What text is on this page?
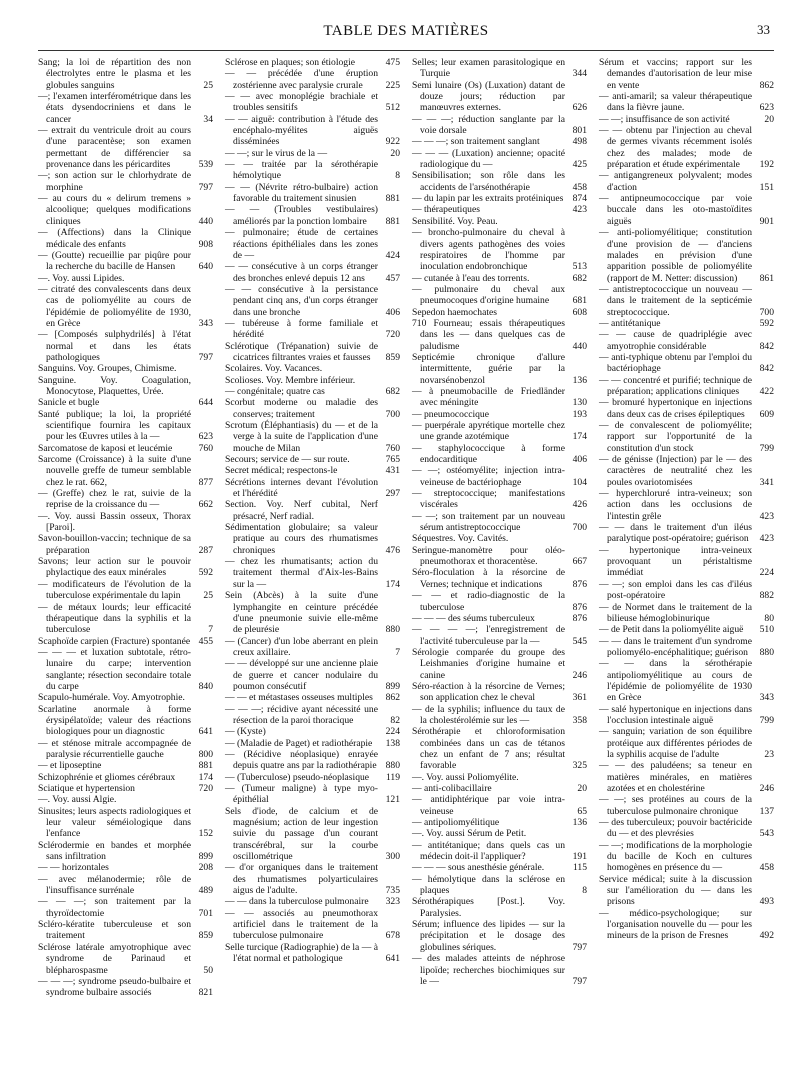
TABLE DES MATIÈRES	33
Sang; la loi de répartition des non électrolytes entre le plasma et les globules sanguins	25
—; l'examen interférométrique dans les états dysendocriniens et dans le cancer	34
— extrait du ventricule droit au cours d'une paracentèse; son examen permettant de différencier sa provenance dans les péricardites	539
—; son action sur le chlorhydrate de morphine	797
— au cours du « delirum tremens » alcoolique; quelques modifications cliniques	440
— (Affections) dans la Clinique médicale des enfants	908
— (Goutte) recueillie par piqûre pour la recherche du bacille de Hansen	640
—. Voy. aussi Lipides.
— citraté des convalescents dans deux cas de poliomyélite au cours de l'épidémie de poliomyélite de 1930, en Grèce	343
— [Composés sulphydrilés] à l'état normal et dans les états pathologiques	797
Sanguins. Voy. Groupes, Chimisme.
Sanguine. Voy. Coagulation, Monocytose, Plaquettes, Urée.
Sanicle et bugle	644
Santé publique; la loi, la propriété scientifique fournira les capitaux pour les Œuvres utiles à la —	623
Sarcomatose de kaposi et leucémie	760
Sarcome (Croissance) à la suite d'une nouvelle greffe de tumeur semblable chez le rat. 662,	877
— (Greffe) chez le rat, suivie de la reprise de la croissance du —	662
—. Voy. aussi Bassin osseux, Thorax [Paroi].
Savon-bouillon-vaccin; technique de sa préparation	287
Savons; leur action sur le pouvoir phylactique des eaux minérales	592
— modificateurs de l'évolution de la tuberculose expérimentale du lapin	25
— de métaux lourds; leur efficacité thérapeutique dans la syphilis et la tuberculose	7
Scaphoïde carpien (Fracture) spontanée 455
— — — et luxation subtotale, rétro-lunaire du carpe; intervention sanglante; résection secondaire totale du carpe	840
Scapulo-humérale. Voy. Amyotrophie.
Scarlatine anormale à forme érysipélatoïde; valeur des réactions biologiques pour un diagnostic	641
— et sténose mitrale accompagnée de paralysie récurrentielle gauche	800
— et liposeptine	881
Schizophrénie et gliomes cérébraux	174
Sciatique et hypertension	720
—. Voy. aussi Algie.
Sinusites; leurs aspects radiologiques et leur valeur séméiologique dans l'enfance	152
Sclérodermie en bandes et morphée sans infiltration	899
— — horizontales	208
— avec mélanodermie; rôle de l'insuffisance surrénale	489
— — —; son traitement par la thyroïdectomie	701
Scléro-kératite tuberculeuse et son traitement	859
Sclérose latérale amyotrophique avec syndrome de Parinaud et blépharospasme	50
— — —; syndrome pseudo-bulbaire et syndrome bulbaire associés	821
Sclérose en plaques; son étiologie	475
— — précédée d'une éruption zostérienne avec paralysie crurale	225
— — avec monoplégie brachiale et troubles sensitifs	512
— — aiguë: contribution à l'étude des encéphalo-myélites aiguës disséminées	922
— —; sur le virus de la —	20
— — traitée par la sérothérapie hémolytique	8
— — (Névrite rétro-bulbaire) action favorable du traitement sinusien	881
— — (Troubles vestibulaires) améliorés par la ponction lombaire	881
— pulmonaire; étude de certaines réactions épithéliales dans les zones de —	424
— — consécutive à un corps étranger des bronches enlevé depuis 12 ans	457
— — consécutive à la persistance pendant cinq ans, d'un corps étranger dans une bronche	406
— tubéreuse à forme familiale et hérédité	720
Sclérotique (Trépanation) suivie de cicatrices filtrantes vraies et fausses	859
Scolaires. Voy. Vacances.
Scolioses. Voy. Membre inférieur.
— congénitale; quatre cas	682
Scorbut moderne ou maladie des conserves; traitement	700
Scrotum (Éléphantiasis) du — et de la verge à la suite de l'application d'une mouche de Milan	760
Secours; service de — sur route.	765
Secret médical; respectons-le	431
Sécrétions internes devant l'évolution et l'hérédité	297
Section. Voy. Nerf cubital, Nerf présacré, Nerf radial.
Sédimentation globulaire; sa valeur pratique au cours des rhumatismes chroniques	476
— chez les rhumatisants; action du traitement thermal d'Aix-les-Bains sur la —	174
Sein (Abcès) à la suite d'une lymphangite en ceinture précédée d'une pneumonie suivie elle-même de pleurésie	880
— (Cancer) d'un lobe aberrant en plein creux axillaire.	7
— — développé sur une ancienne plaie de guerre et cancer nodulaire du poumon consécutif	899
— — et métastases osseuses multiples	862
— — —; récidive ayant nécessité une résection de la paroi thoracique	82
— (Kyste)	224
— (Maladie de Paget) et radiothérapie	138
— (Récidive néoplasique) enrayée depuis quatre ans par la radiothérapie 880
— (Tuberculose) pseudo-néoplasique	119
— (Tumeur maligne) à type myo-épithélial	121
Sels d'iode, de calcium et de magnésium; action de leur ingestion suivie du passage d'un courant transcérébral, sur la courbe oscillométrique	300
— d'or organiques dans le traitement des rhumatismes polyarticulaires aigus de l'adulte.	735
— — dans la tuberculose pulmonaire	323
— — associés au pneumothorax artificiel dans le traitement de la tuberculose pulmonaire	678
Selle turcique (Radiographie) de la — à l'état normal et pathologique	641
Selles; leur examen parasitologique en Turquie	344
Semi lunaire (Os) (Luxation) datant de douze jours; réduction par manœuvres externes.	626
— — —; réduction sanglante par la voie dorsale	801
— — —; son traitement sanglant	498
— — — (Luxation) ancienne; opacité radiologique du —	425
Sensibilisation; son rôle dans les accidents de l'arsénothérapie	458
— du lapin par les extraits protéiniques 874
— thérapeutiques	423
Sensibilité. Voy. Peau.
— broncho-pulmonaire du cheval à divers agents pathogènes des voies respiratoires de l'homme par inoculation endobronchique	513
— cutanée à l'eau des torrents.	682
— pulmonaire du cheval aux pneumocoques d'origine humaine	681
Sepedon haemochates	608
710 Fourneau; essais thérapeutiques dans les — dans quelques cas de paludisme	440
Septicémie chronique d'allure intermittente, guérie par la novarsénobenzol	136
— à pneumobacille de Friedländer avec méningite	130
— pneumococcique	193
— puerpérale apyrétique mortelle chez une grande azotémique	174
— staphylococcique à forme endocarditique	406
— —; ostéomyélite; injection intra-veineuse de bactériophage	104
— streptococcique; manifestations viscérales	426
— —; son traitement par un nouveau sérum antistreptococcique	700
Séquestres. Voy. Cavités.
Seringue-manomètre pour oléo-pneumothorax et thoracentèse.	667
Séro-floculation à la résorcine de Vernes; technique et indications	876
— — et radio-diagnostic de la tuberculose	876
— — — des séums tuberculeux	876
— — — —; l'enregistrement de l'activité tuberculeuse par la —	545
Sérologie comparée du groupe des Leishmanies d'origine humaine et canine	246
Séro-réaction à la résorcine de Vernes; son application chez le cheval	361
— de la syphilis; influence du taux de la cholestérolémie sur les —	358
Sérothérapie et chloroformisation combinées dans un cas de tétanos chez un enfant de 7 ans; résultat favorable	325
—. Voy. aussi Poliomyélite.
— anti-colibacillaire	20
— antidiphtérique par voie intra-veineuse	65
— antipoliomyélitique	136
—. Voy. aussi Sérum de Petit.
— antitétanique; dans quels cas un médecin doit-il l'appliquer?	191
— — — sous anesthésie générale.	115
— hémolytique dans la sclérose en plaques	8
Sérothérapiques [Post.]. Voy. Paralysies.
Sérum; influence des lipides — sur la précipitation et le dosage des globulines sériques.	797
— des malades atteints de néphrose lipoïde; recherches biochimiques sur le —	797
Sérum et vaccins; rapport sur les demandes d'autorisation de leur mise en vente	862
— anti-amaril; sa valeur thérapeutique dans la fièvre jaune.	623
— —; insuffisance de son activité	20
— — obtenu par l'injection au cheval de germes vivants récemment isolés chez des malades; mode de préparation et étude expérimentale	192
— antigangreneux polyvalent; modes d'action	151
— antipneumococcique par voie buccale dans les oto-mastoïdites aiguës	901
— anti-poliomyélitique; constitution d'une provision de — d'anciens malades en prévision d'une apparition possible de poliomyélite (rapport de M. Netter: discussion)	861
— antistreptococcique un nouveau — dans le traitement de la septicémie streptococcique.	700
— antitétanique	592
— — cause de quadriplégie avec amyotrophie considérable	842
— anti-typhique obtenu par l'emploi du bactériophage	842
— — concentré et purifié; technique de préparation; applications cliniques	422
— bromuré hypertonique en injections dans deux cas de crises épileptiques	609
— de convalescent de poliomyélite; rapport sur l'opportunité de la constitution d'un stock	799
— de génisse (Injection) par le — des caractères de neutralité chez les poules ovariotomisées	341
— hyperchloruré intra-veineux; son action dans les occlusions de l'intestin grêle	423
— — dans le traitement d'un iléus paralytique post-opératoire; guérison	423
— hypertonique intra-veineux provoquant un péristaltisme immédiat	224
— —; son emploi dans les cas d'iléus post-opératoire	882
— de Normet dans le traitement de la bilieuse hémoglobinurique	80
— de Petit dans la poliomyélite aiguë	510
— — dans le traitement d'un syndrome poliomyélo-encéphalitique; guérison	880
— — dans la sérothérapie antipoliomyélitique au cours de l'épidémie de poliomyélite de 1930 en Grèce	343
— salé hypertonique en injections dans l'occlusion intestinale aiguë	799
— sanguin; variation de son équilibre protéique aux différentes périodes de la syphilis acquise de l'adulte	23
— — des paludéens; sa teneur en matières minérales, en matières azotées et en cholestérine	246
— —; ses protéines au cours de la tuberculose pulmonaire chronique	137
— des tuberculeux; pouvoir bactéricide du — et des plevrésies	543
— —; modifications de la morphologie du bacille de Koch en cultures homogènes en présence du —	458
Service médical; suite à la discussion sur l'amélioration du — dans les prisons	493
— médico-psychologique; sur l'organisation nouvelle du — pour les mineurs de la prison de Fresnes	492
